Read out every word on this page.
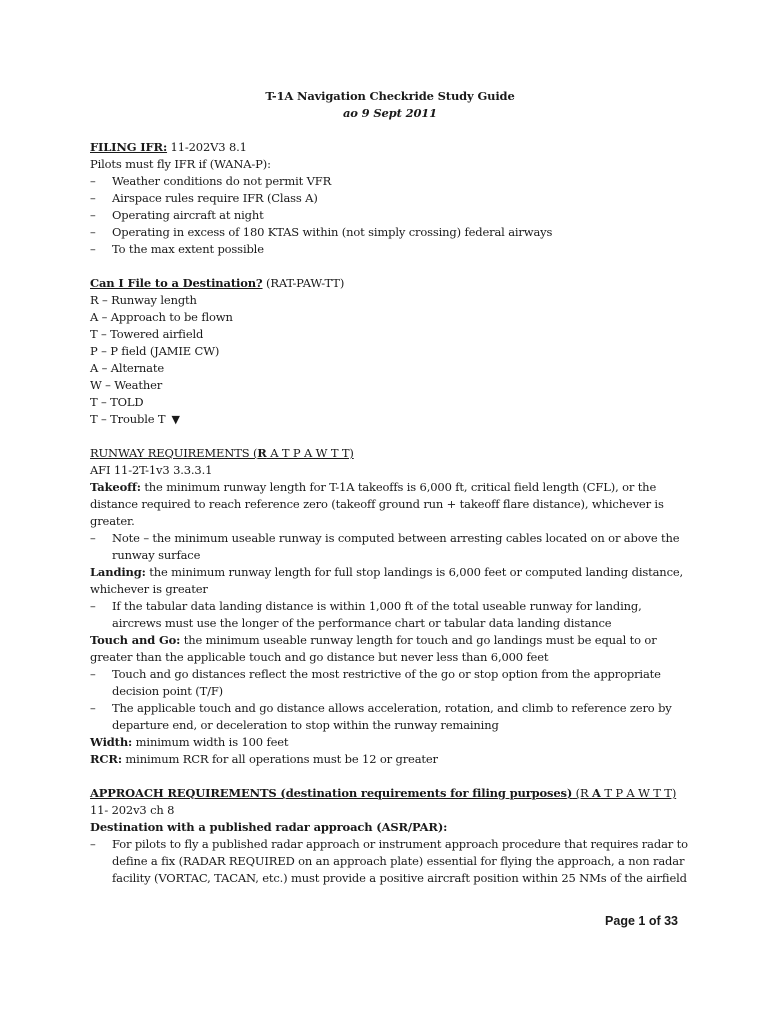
T-1A Navigation Checkride Study Guide

ao 9 Sept 2011

FILING IFR: 11-202V3 8.1

Pilots must fly IFR if (WANA-P):

– Weather conditions do not permit VFR

– Airspace rules require IFR (Class A)

– Operating aircraft at night

– Operating in excess of 180 KTAS within (not simply crossing) federal airways

– To the max extent possible

Can I File to a Destination? (RAT-PAW-TT)

R – Runway length

A – Approach to be flown

T – Towered airfield

P – P field (JAMIE CW)

A – Alternate

W – Weather

T – TOLD

T – Trouble T ▼

RUNWAY REQUIREMENTS (R A T P A W T T)

AFI 11-2T-1v3 3.3.3.1

Takeoff: the minimum runway length for T-1A takeoffs is 6,000 ft, critical field length (CFL), or the distance required to reach reference zero (takeoff ground run + takeoff flare distance), whichever is greater.

– Note – the minimum useable runway is computed between arresting cables located on or above the runway surface

Landing: the minimum runway length for full stop landings is 6,000 feet or computed landing distance, whichever is greater

– If the tabular data landing distance is within 1,000 ft of the total useable runway for landing, aircrews must use the longer of the performance chart or tabular data landing distance

Touch and Go: the minimum useable runway length for touch and go landings must be equal to or greater than the applicable touch and go distance but never less than 6,000 feet

– Touch and go distances reflect the most restrictive of the go or stop option from the appropriate decision point (T/F)

– The applicable touch and go distance allows acceleration, rotation, and climb to reference zero by departure end, or deceleration to stop within the runway remaining

Width: minimum width is 100 feet

RCR: minimum RCR for all operations must be 12 or greater

APPROACH REQUIREMENTS (destination requirements for filing purposes) (R A T P A W T T)

11- 202v3 ch 8

Destination with a published radar approach (ASR/PAR):

– For pilots to fly a published radar approach or instrument approach procedure that requires radar to define a fix (RADAR REQUIRED on an approach plate) essential for flying the approach, a non radar facility (VORTAC, TACAN, etc.) must provide a positive aircraft position within 25 NMs of the airfield

Page 1 of 33
